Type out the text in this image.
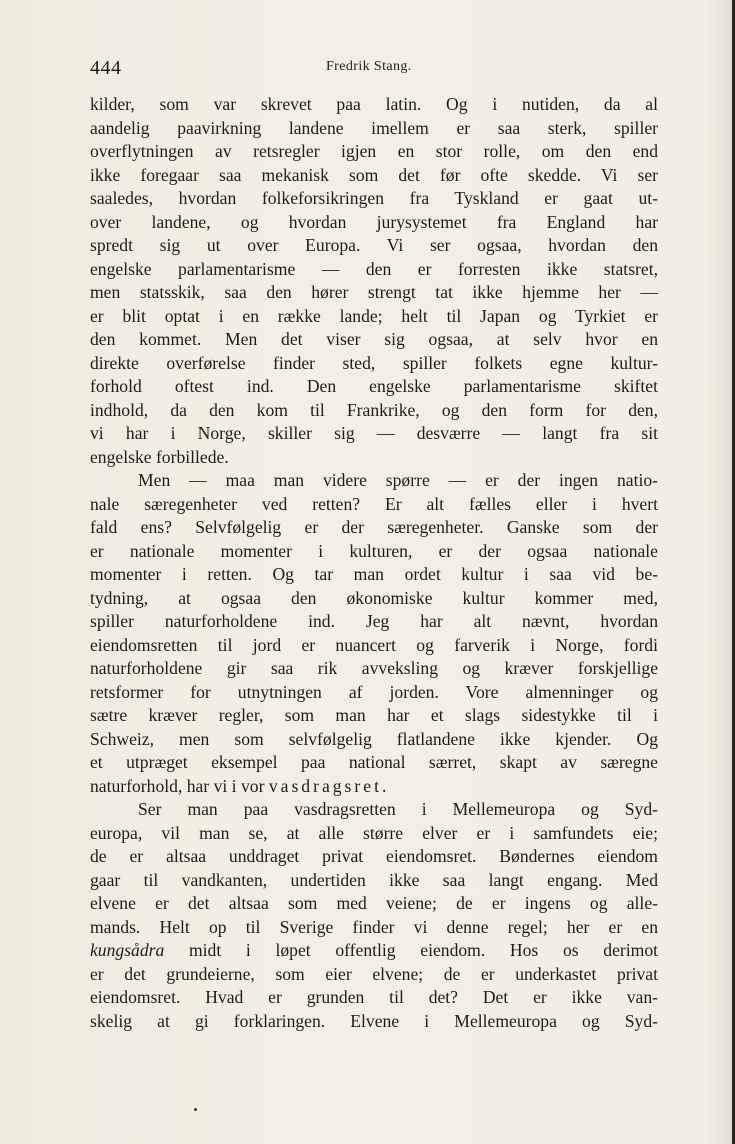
444	Fredrik Stang.
kilder, som var skrevet paa latin. Og i nutiden, da al
aandelig paavirkning landene imellem er saa sterk, spiller
overflytningen av retsregler igjen en stor rolle, om den end
ikke foregaar saa mekanisk som det før ofte skedde. Vi ser
saaledes, hvordan folkeforsikringen fra Tyskland er gaat ut-
over landene, og hvordan jurysystemet fra England har
spredt sig ut over Europa. Vi ser ogsaa, hvordan den
engelske parlamentarisme — den er forresten ikke statsret,
men statsskik, saa den hører strengt tat ikke hjemme her —
er blit optat i en række lande; helt til Japan og Tyrkiet er
den kommet. Men det viser sig ogsaa, at selv hvor en
direkte overførelse finder sted, spiller folkets egne kultur-
forhold oftest ind. Den engelske parlamentarisme skiftet
indhold, da den kom til Frankrike, og den form for den,
vi har i Norge, skiller sig — desværre — langt fra sit
engelske forbillede.
Men — maa man videre spørre — er der ingen natio-
nale særegenheter ved retten? Er alt fælles eller i hvert
fald ens? Selvfølgelig er der særegenheter. Ganske som der
er nationale momenter i kulturen, er der ogsaa nationale
momenter i retten. Og tar man ordet kultur i saa vid be-
tydning, at ogsaa den økonomiske kultur kommer med,
spiller naturforholdene ind. Jeg har alt nævnt, hvordan
eiendomsretten til jord er nuancert og farverik i Norge, fordi
naturforholdene gir saa rik avveksling og kræver forskjellige
retsformer for utnytningen af jorden. Vore almenninger og
sætre kræver regler, som man har et slags sidestykke til i
Schweiz, men som selvfølgelig flatlandene ikke kjender. Og
et utpræget eksempel paa national særret, skapt av særegne
naturforhold, har vi i vor vasdragsret.
Ser man paa vasdragsretten i Mellemeuropa og Syd-
europa, vil man se, at alle større elver er i samfundets eie;
de er altsaa unddraget privat eiendomsret. Bøndernes eiendom
gaar til vandkanten, undertiden ikke saa langt engang. Med
elvene er det altsaa som med veiene; de er ingens og alle-
mands. Helt op til Sverige finder vi denne regel; her er en
kungsådra midt i løpet offentlig eiendom. Hos os derimot
er det grundeierne, som eier elvene; de er underkastet privat
eiendomsret. Hvad er grunden til det? Det er ikke van-
skelig at gi forklaringen. Elvene i Mellemeuropa og Syd-
